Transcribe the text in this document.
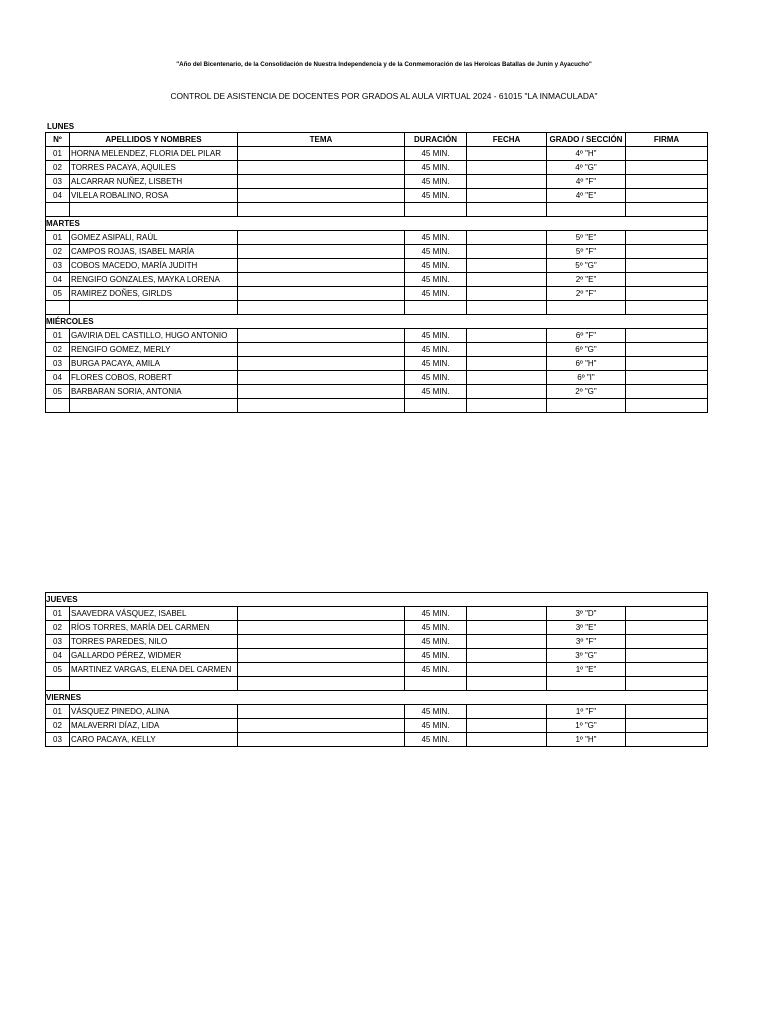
"Año del Bicentenario, de la Consolidación de Nuestra Independencia y de la Conmemoración de las Heroicas Batallas de Junín y Ayacucho"
CONTROL DE ASISTENCIA DE DOCENTES POR GRADOS AL AULA VIRTUAL 2024 - 61015 "LA INMACULADA"
LUNES
Nº	APELLIDOS Y NOMBRES	TEMA	DURACIÓN	FECHA	GRADO / SECCIÓN	FIRMA
01	HORNA MELENDEZ, FLORIA DEL PILAR		45 MIN.		4º "H"	
02	TORRES PACAYA, AQUILES		45 MIN.		4º "G"	
03	ALCARRAR NUÑEZ, LISBETH		45 MIN.		4º "F"	
04	VILELA ROBALINO, ROSA		45 MIN.		4º "E"	

MARTES						
01	GOMEZ ASIPALI, RAÚL		45 MIN.		5º "E"	
02	CAMPOS ROJAS, ISABEL MARÍA		45 MIN.		5º "F"	
03	COBOS MACEDO, MARÍA JUDITH		45 MIN.		5º "G"	
04	RENGIFO GONZALES, MAYKA LORENA		45 MIN.		2º "E"	
05	RAMIREZ DOÑES, GIRLDS		45 MIN.		2º "F"	

MIÉRCOLES						
01	GAVIRIA DEL CASTILLO, HUGO ANTONIO		45 MIN.		6º "F"	
02	RENGIFO GOMEZ, MERLY		45 MIN.		6º "G"	
03	BURGA PACAYA, AMILA		45 MIN.		6º "H"	
04	FLORES COBOS, ROBERT		45 MIN.		6º "I"	
05	BARBARAN SORIA, ANTONIA		45 MIN.		2º "G"	

JUEVES						
01	SAAVEDRA VÁSQUEZ, ISABEL		45 MIN.		3º "D"	
02	RÍOS TORRES, MARÍA DEL CARMEN		45 MIN.		3º "E"	
03	TORRES PAREDES, NILO		45 MIN.		3º "F"	
04	GALLARDO PÉREZ, WIDMER		45 MIN.		3º "G"	
05	MARTINEZ VARGAS, ELENA DEL CARMEN		45 MIN.		1º "E"	

VIERNES						
01	VÁSQUEZ PINEDO, ALINA		45 MIN.		1º "F"	
02	MALAVERRI DÍAZ, LIDA		45 MIN.		1º "G"	
03	CARO PACAYA, KELLY		45 MIN.		1º "H"	
